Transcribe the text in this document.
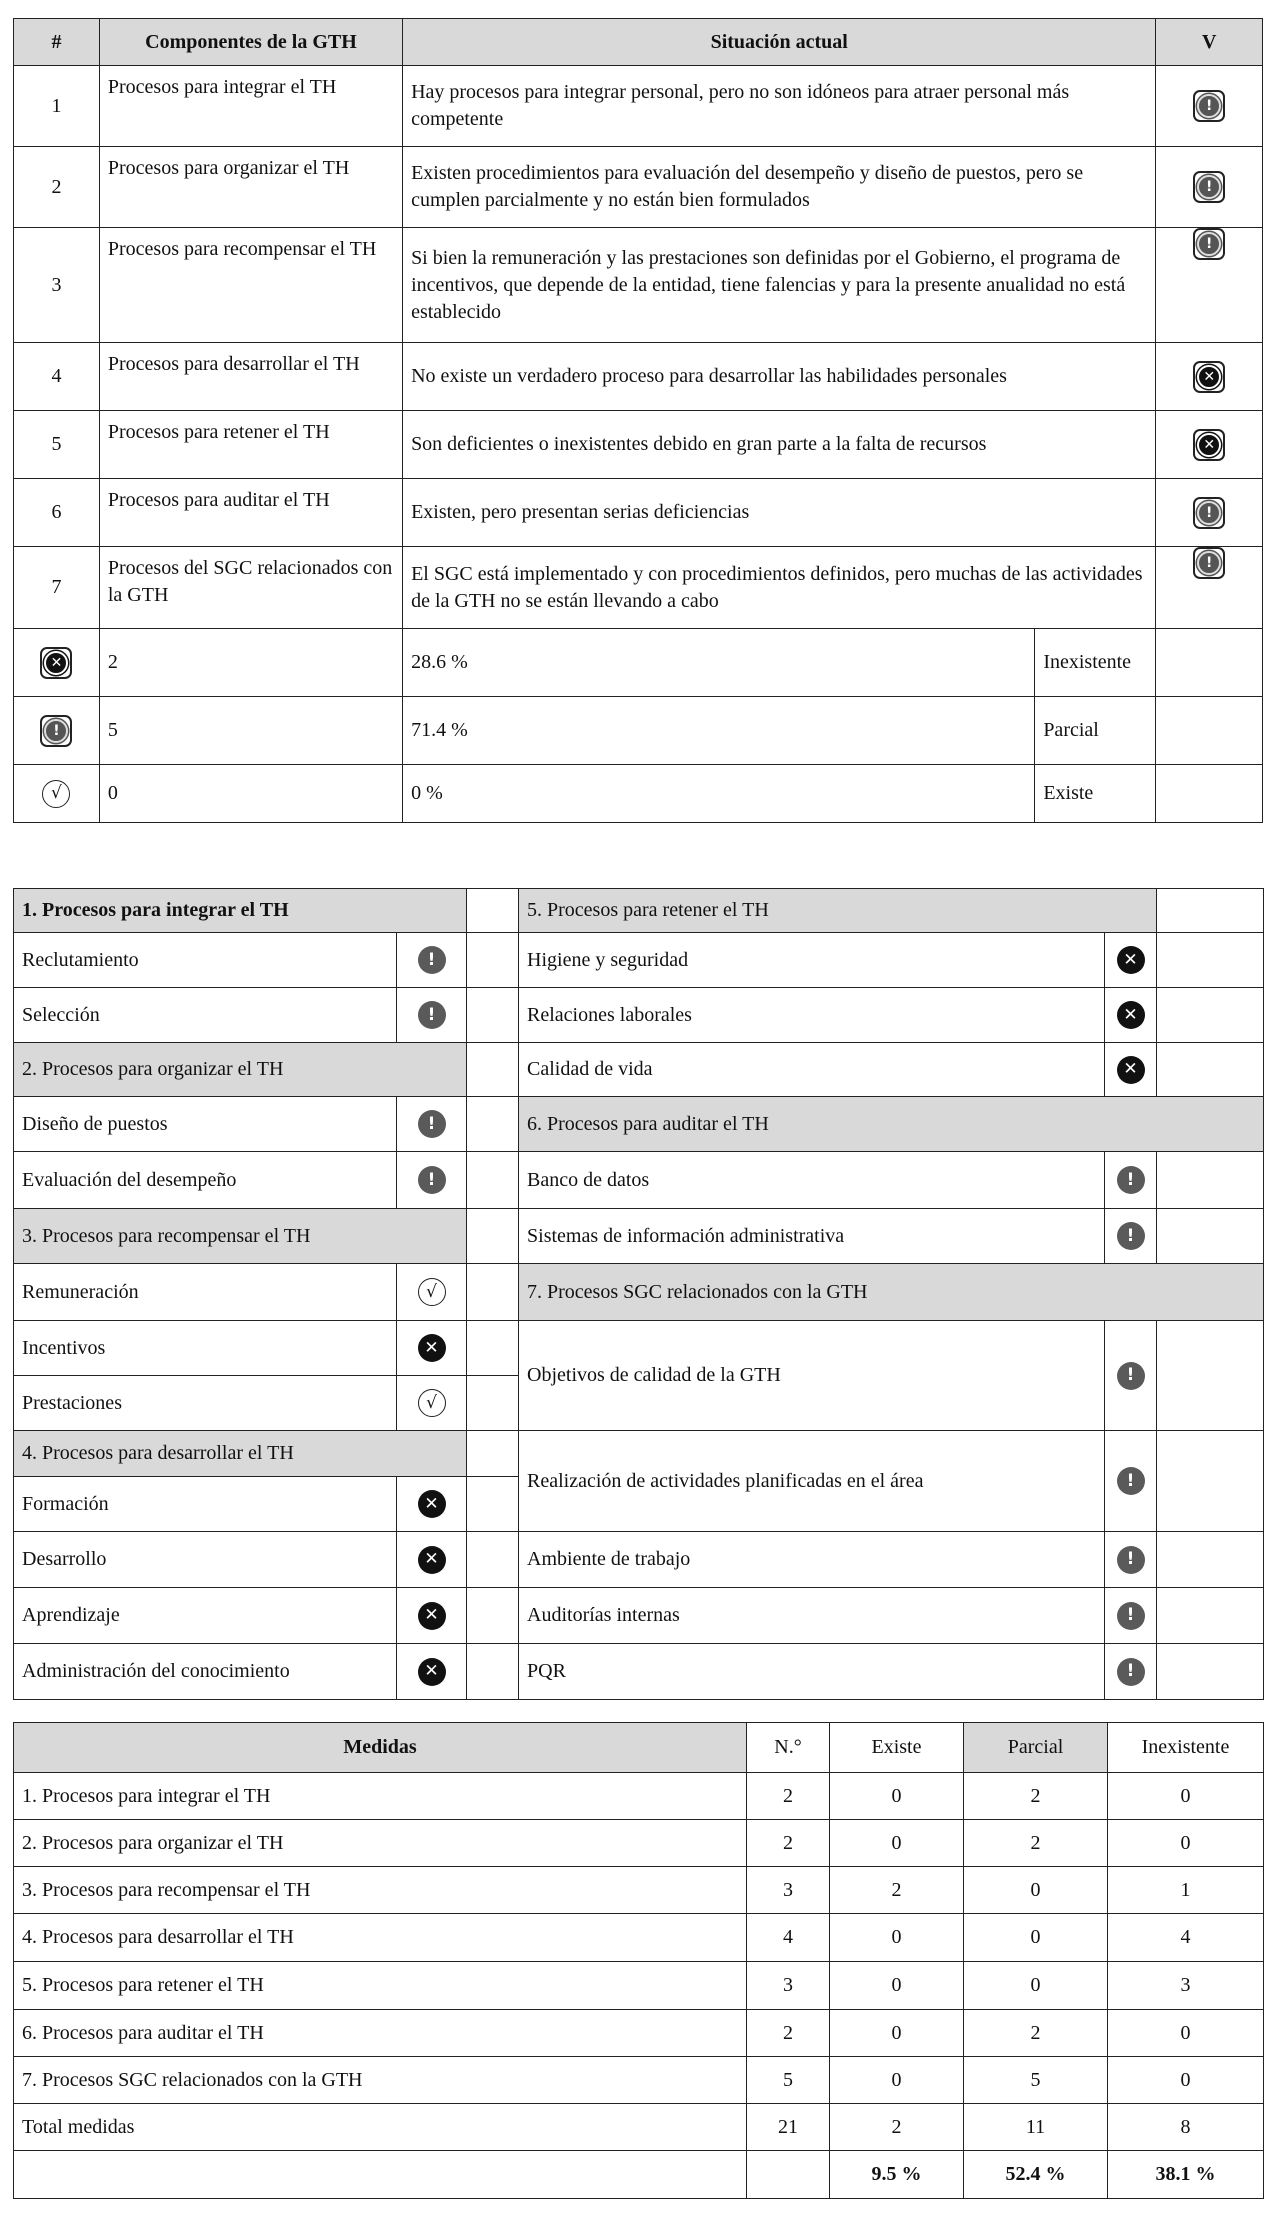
#	Componentes de la GTH	Situación actual		V
1	Procesos para integrar el TH	Hay procesos para integrar personal, pero no son idóneos para atraer personal más competente		!

2	Procesos para organizar el TH	Existen procedimientos para evaluación del desempeño y diseño de puestos, pero se cumplen parcialmente y no están bien formulados		!

3	Procesos para recompensar el TH	Si bien la remuneración y las prestaciones son definidas por el Gobierno, el programa de incentivos, que depende de la entidad, tiene falencias y para la presente anualidad no está establecido		!

4	Procesos para desarrollar el TH	No existe un verdadero proceso para desarrollar las habilidades personales		✕

5	Procesos para retener el TH	Son deficientes o inexistentes debido en gran parte a la falta de recursos		✕

6	Procesos para auditar el TH	Existen, pero presentan serias deficiencias		!

7	Procesos del SGC relacionados con la GTH	El SGC está implementado y con procedimientos definidos, pero muchas de las actividades de la GTH no se están llevando a cabo		!

✕	2	28.6 %	Inexistente	

!	5	71.4 %	Parcial	
√	0	0 %	Existe	
1. Procesos para integrar el TH			5. Procesos para retener el TH		
Reclutamiento	!		Higiene y seguridad	✕	
Selección	!		Relaciones laborales	✕	
2. Procesos para organizar el TH			Calidad de vida	✕	
Diseño de puestos	!		6. Procesos para auditar el TH		
Evaluación del desempeño	!		Banco de datos	!	
3. Procesos para recompensar el TH			Sistemas de información administrativa	!	
Remuneración	√		7. Procesos SGC relacionados con la GTH		
Incentivos	✕		Objetivos de calidad de la GTH	!	
Prestaciones	√				
4. Procesos para desarrollar el TH			Realización de actividades planificadas en el área	!	
Formación	✕				
Desarrollo	✕		Ambiente de trabajo	!	
Aprendizaje	✕		Auditorías internas	!	
Administración del conocimiento	✕		PQR	!	
Medidas	N.°	Existe	Parcial	Inexistente
1. Procesos para integrar el TH	2	0	2	0
2. Procesos para organizar el TH	2	0	2	0
3. Procesos para recompensar el TH	3	2	0	1
4. Procesos para desarrollar el TH	4	0	0	4
5. Procesos para retener el TH	3	0	0	3
6. Procesos para auditar el TH	2	0	2	0
7. Procesos SGC relacionados con la GTH	5	0	5	0
Total medidas	21	2	11	8
		9.5 %	52.4 %	38.1 %
